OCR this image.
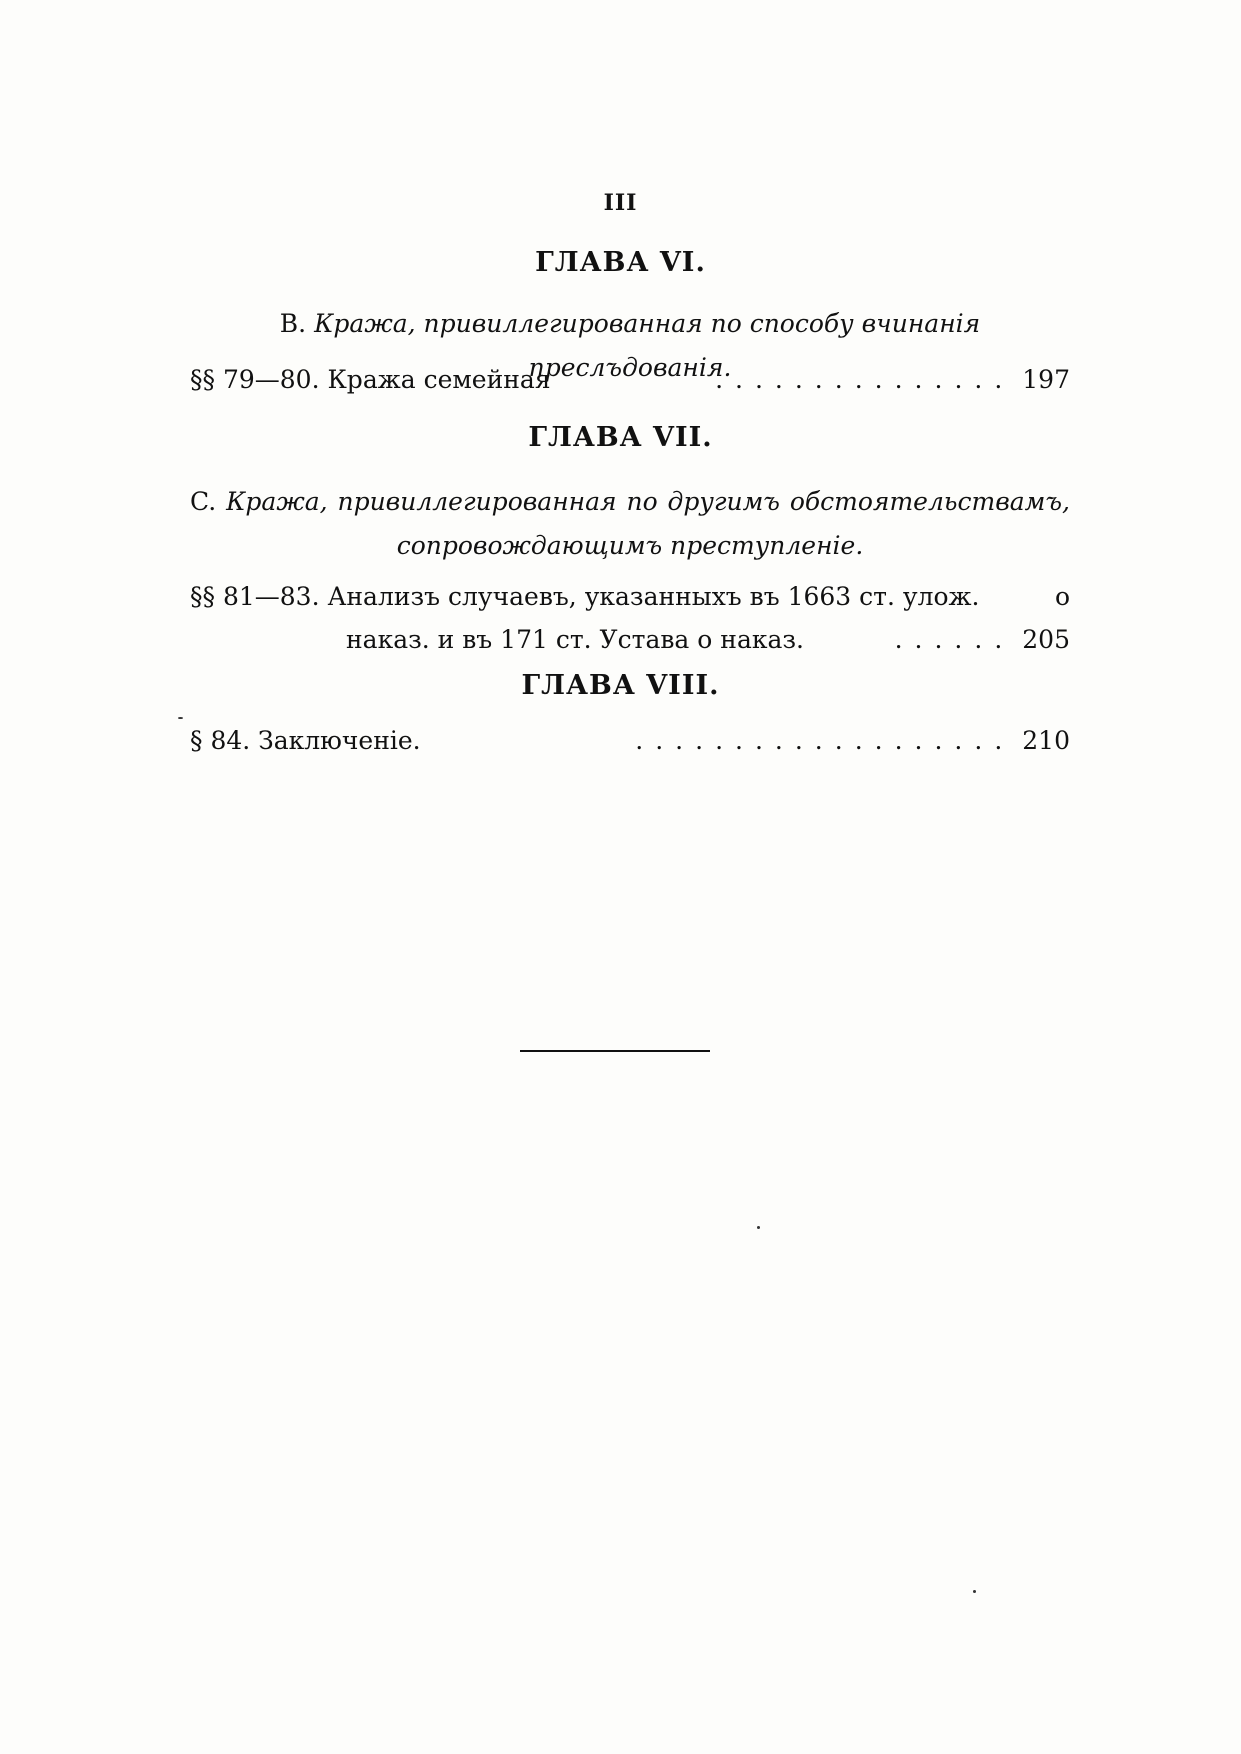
III
ГЛАВА VI.
B. Кража, привиллегированная по способу вчинанія преслъдованія.
§§ 79—80. Кража семейная	............... 197
ГЛАВА VII.
C. Кража, привиллегированная по другимъ обстоятельствамъ, сопровождающимъ преступленіе.
§§ 81—83. Анализъ случаевъ, указанныхъ въ 1663 ст. улож.	о
наказ. и въ 171 ст. Устава о наказ.	...... 205
ГЛАВА VIII.
§ 84. Заключеніе.	................... 210
